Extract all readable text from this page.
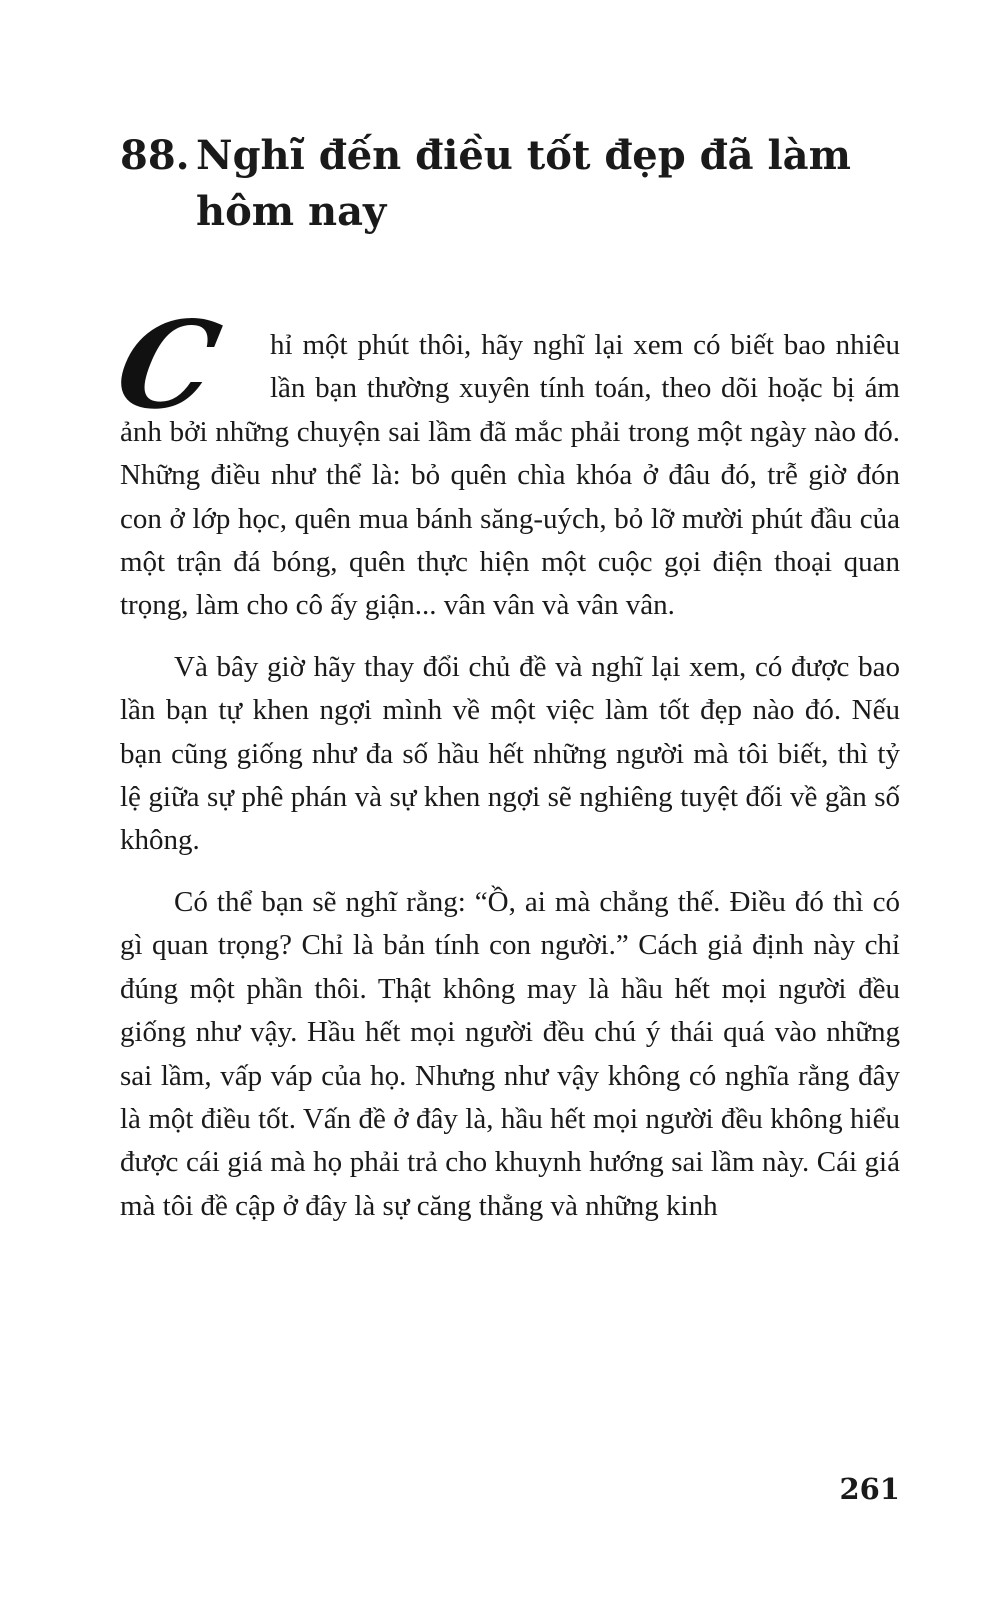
88. Nghĩ đến điều tốt đẹp đã làm
hôm nay

C	hỉ một phút thôi, hãy nghĩ lại xem có biết bao nhiêu lần bạn thường xuyên tính toán, theo dõi hoặc bị ám ảnh bởi những chuyện sai lầm đã mắc phải trong một ngày nào đó. Những điều như thể là: bỏ quên chìa khóa ở đâu đó, trễ giờ đón con ở lớp học, quên mua bánh săng-uých, bỏ lỡ mười phút đầu của một trận đá bóng, quên thực hiện một cuộc gọi điện thoại quan trọng, làm cho cô ấy giận... vân vân và vân vân.

Và bây giờ hãy thay đổi chủ đề và nghĩ lại xem, có được bao lần bạn tự khen ngợi mình về một việc làm tốt đẹp nào đó. Nếu bạn cũng giống như đa số hầu hết những người mà tôi biết, thì tỷ lệ giữa sự phê phán và sự khen ngợi sẽ nghiêng tuyệt đối về gần số không.

Có thể bạn sẽ nghĩ rằng: “Ồ, ai mà chẳng thế. Điều đó thì có gì quan trọng? Chỉ là bản tính con người.” Cách giả định này chỉ đúng một phần thôi. Thật không may là hầu hết mọi người đều giống như vậy. Hầu hết mọi người đều chú ý thái quá vào những sai lầm, vấp váp của họ. Nhưng như vậy không có nghĩa rằng đây là một điều tốt. Vấn đề ở đây là, hầu hết mọi người đều không hiểu được cái giá mà họ phải trả cho khuynh hướng sai lầm này. Cái giá mà tôi đề cập ở đây là sự căng thẳng và những kinh

261
